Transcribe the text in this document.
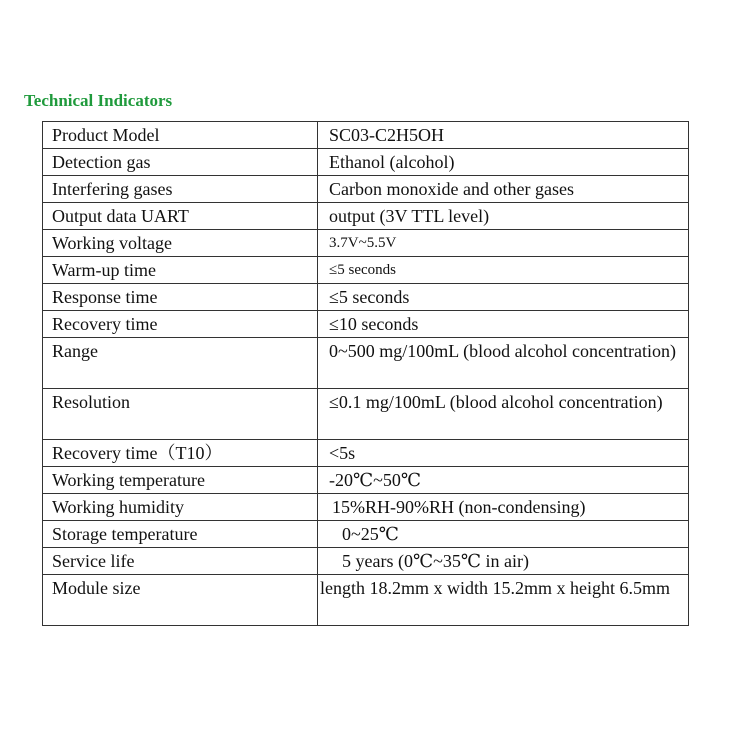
Technical Indicators
Product Model	SC03-C2H5OH

Detection gas	Ethanol (alcohol)

Interfering gases	Carbon monoxide and other gases

Output data UART	output (3V TTL level)

Working voltage	3.7V~5.5V

Warm-up time	≤5 seconds

Response time	≤5 seconds

Recovery time	≤10 seconds

Range	0~500 mg/100mL (blood alcohol concentration)

Resolution	≤0.1 mg/100mL (blood alcohol concentration)

Recovery time（T10）	<5s

Working temperature	-20℃~50℃

Working humidity	15%RH-90%RH (non-condensing)

Storage temperature	0~25℃

Service life	5 years (0℃~35℃ in air)

Module size	length 18.2mm x width 15.2mm x height 6.5mm
